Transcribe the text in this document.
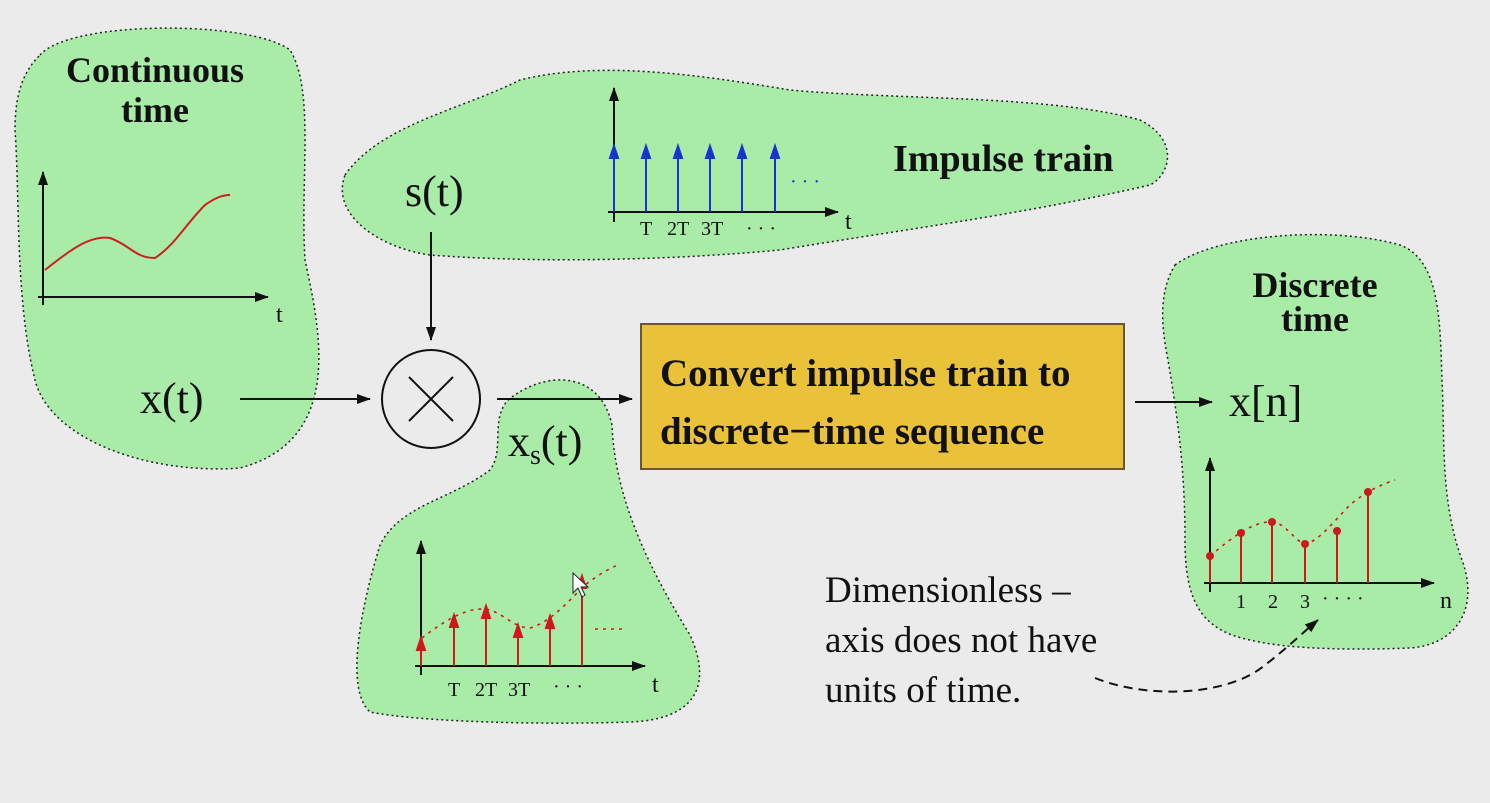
· · ·
Continuous
time
t
x(t)
Impulse train
s(t)
T 2T 3T · · ·	t
$x_s(t)$
T 2T 3T · · ·	t
Convert impulse train to
discrete−time sequence
Discrete
time
x[n]
1 2 3 · · · ·	n
Dimensionless –
axis does not have
units of time.
